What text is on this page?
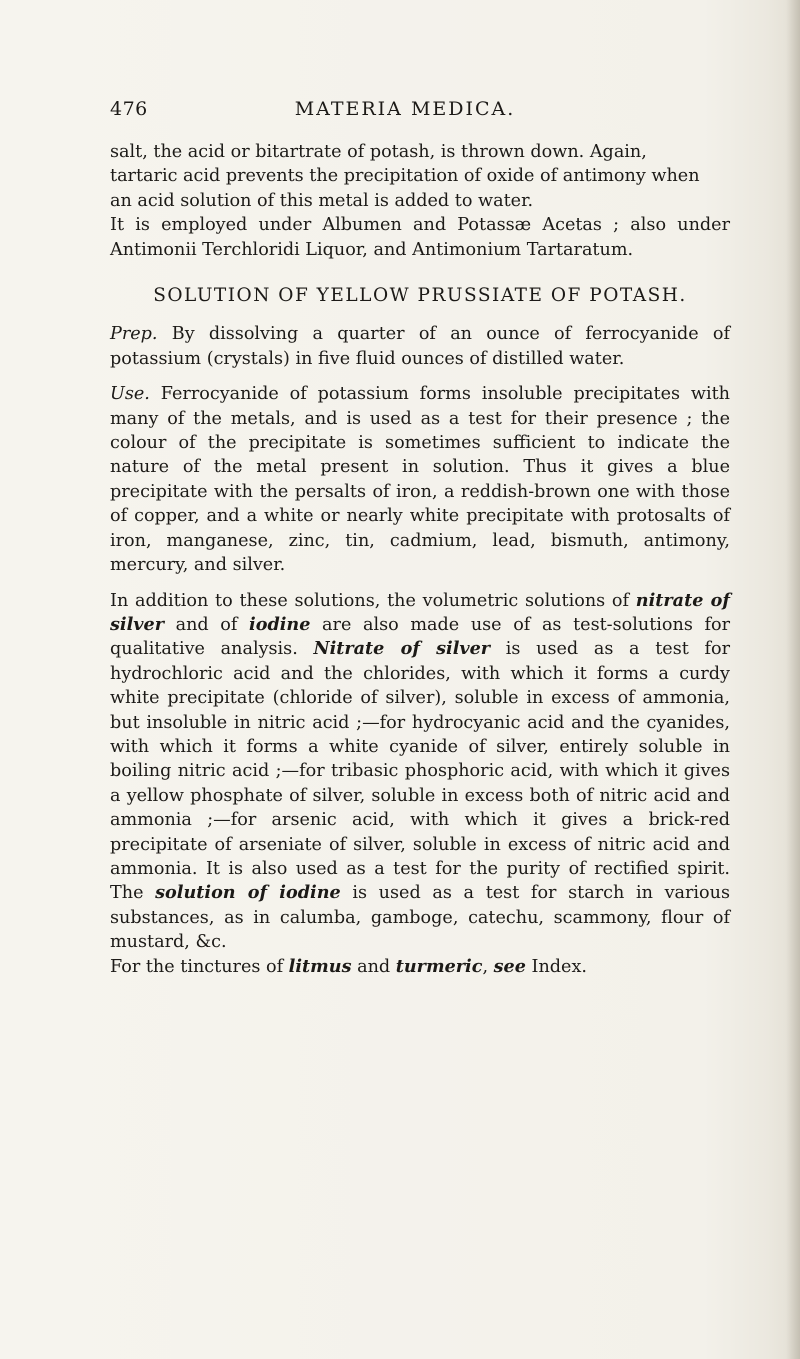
476	MATERIA MEDICA.

salt, the acid or bitartrate of potash, is thrown down. Again,
tartaric acid prevents the precipitation of oxide of antimony when
an acid solution of this metal is added to water.

It is employed under Albumen and Potassæ Acetas ; also under Antimonii Terchloridi Liquor, and Antimonium Tartaratum.

SOLUTION OF YELLOW PRUSSIATE OF POTASH.

Prep. By dissolving a quarter of an ounce of ferrocyanide of potassium (crystals) in five fluid ounces of distilled water.

Use. Ferrocyanide of potassium forms insoluble precipitates with many of the metals, and is used as a test for their presence ; the colour of the precipitate is sometimes sufficient to indicate the nature of the metal present in solution. Thus it gives a blue precipitate with the persalts of iron, a reddish-brown one with those of copper, and a white or nearly white precipitate with protosalts of iron, manganese, zinc, tin, cadmium, lead, bismuth, antimony, mercury, and silver.

In addition to these solutions, the volumetric solutions of nitrate of silver and of iodine are also made use of as test-solutions for qualitative analysis. Nitrate of silver is used as a test for hydrochloric acid and the chlorides, with which it forms a curdy white precipitate (chloride of silver), soluble in excess of ammonia, but insoluble in nitric acid ;—for hydrocyanic acid and the cyanides, with which it forms a white cyanide of silver, entirely soluble in boiling nitric acid ;—for tribasic phosphoric acid, with which it gives a yellow phosphate of silver, soluble in excess both of nitric acid and ammonia ;—for arsenic acid, with which it gives a brick-red precipitate of arseniate of silver, soluble in excess of nitric acid and ammonia. It is also used as a test for the purity of rectified spirit. The solution of iodine is used as a test for starch in various substances, as in calumba, gamboge, catechu, scammony, flour of mustard, &c.

For the tinctures of litmus and turmeric, see Index.
